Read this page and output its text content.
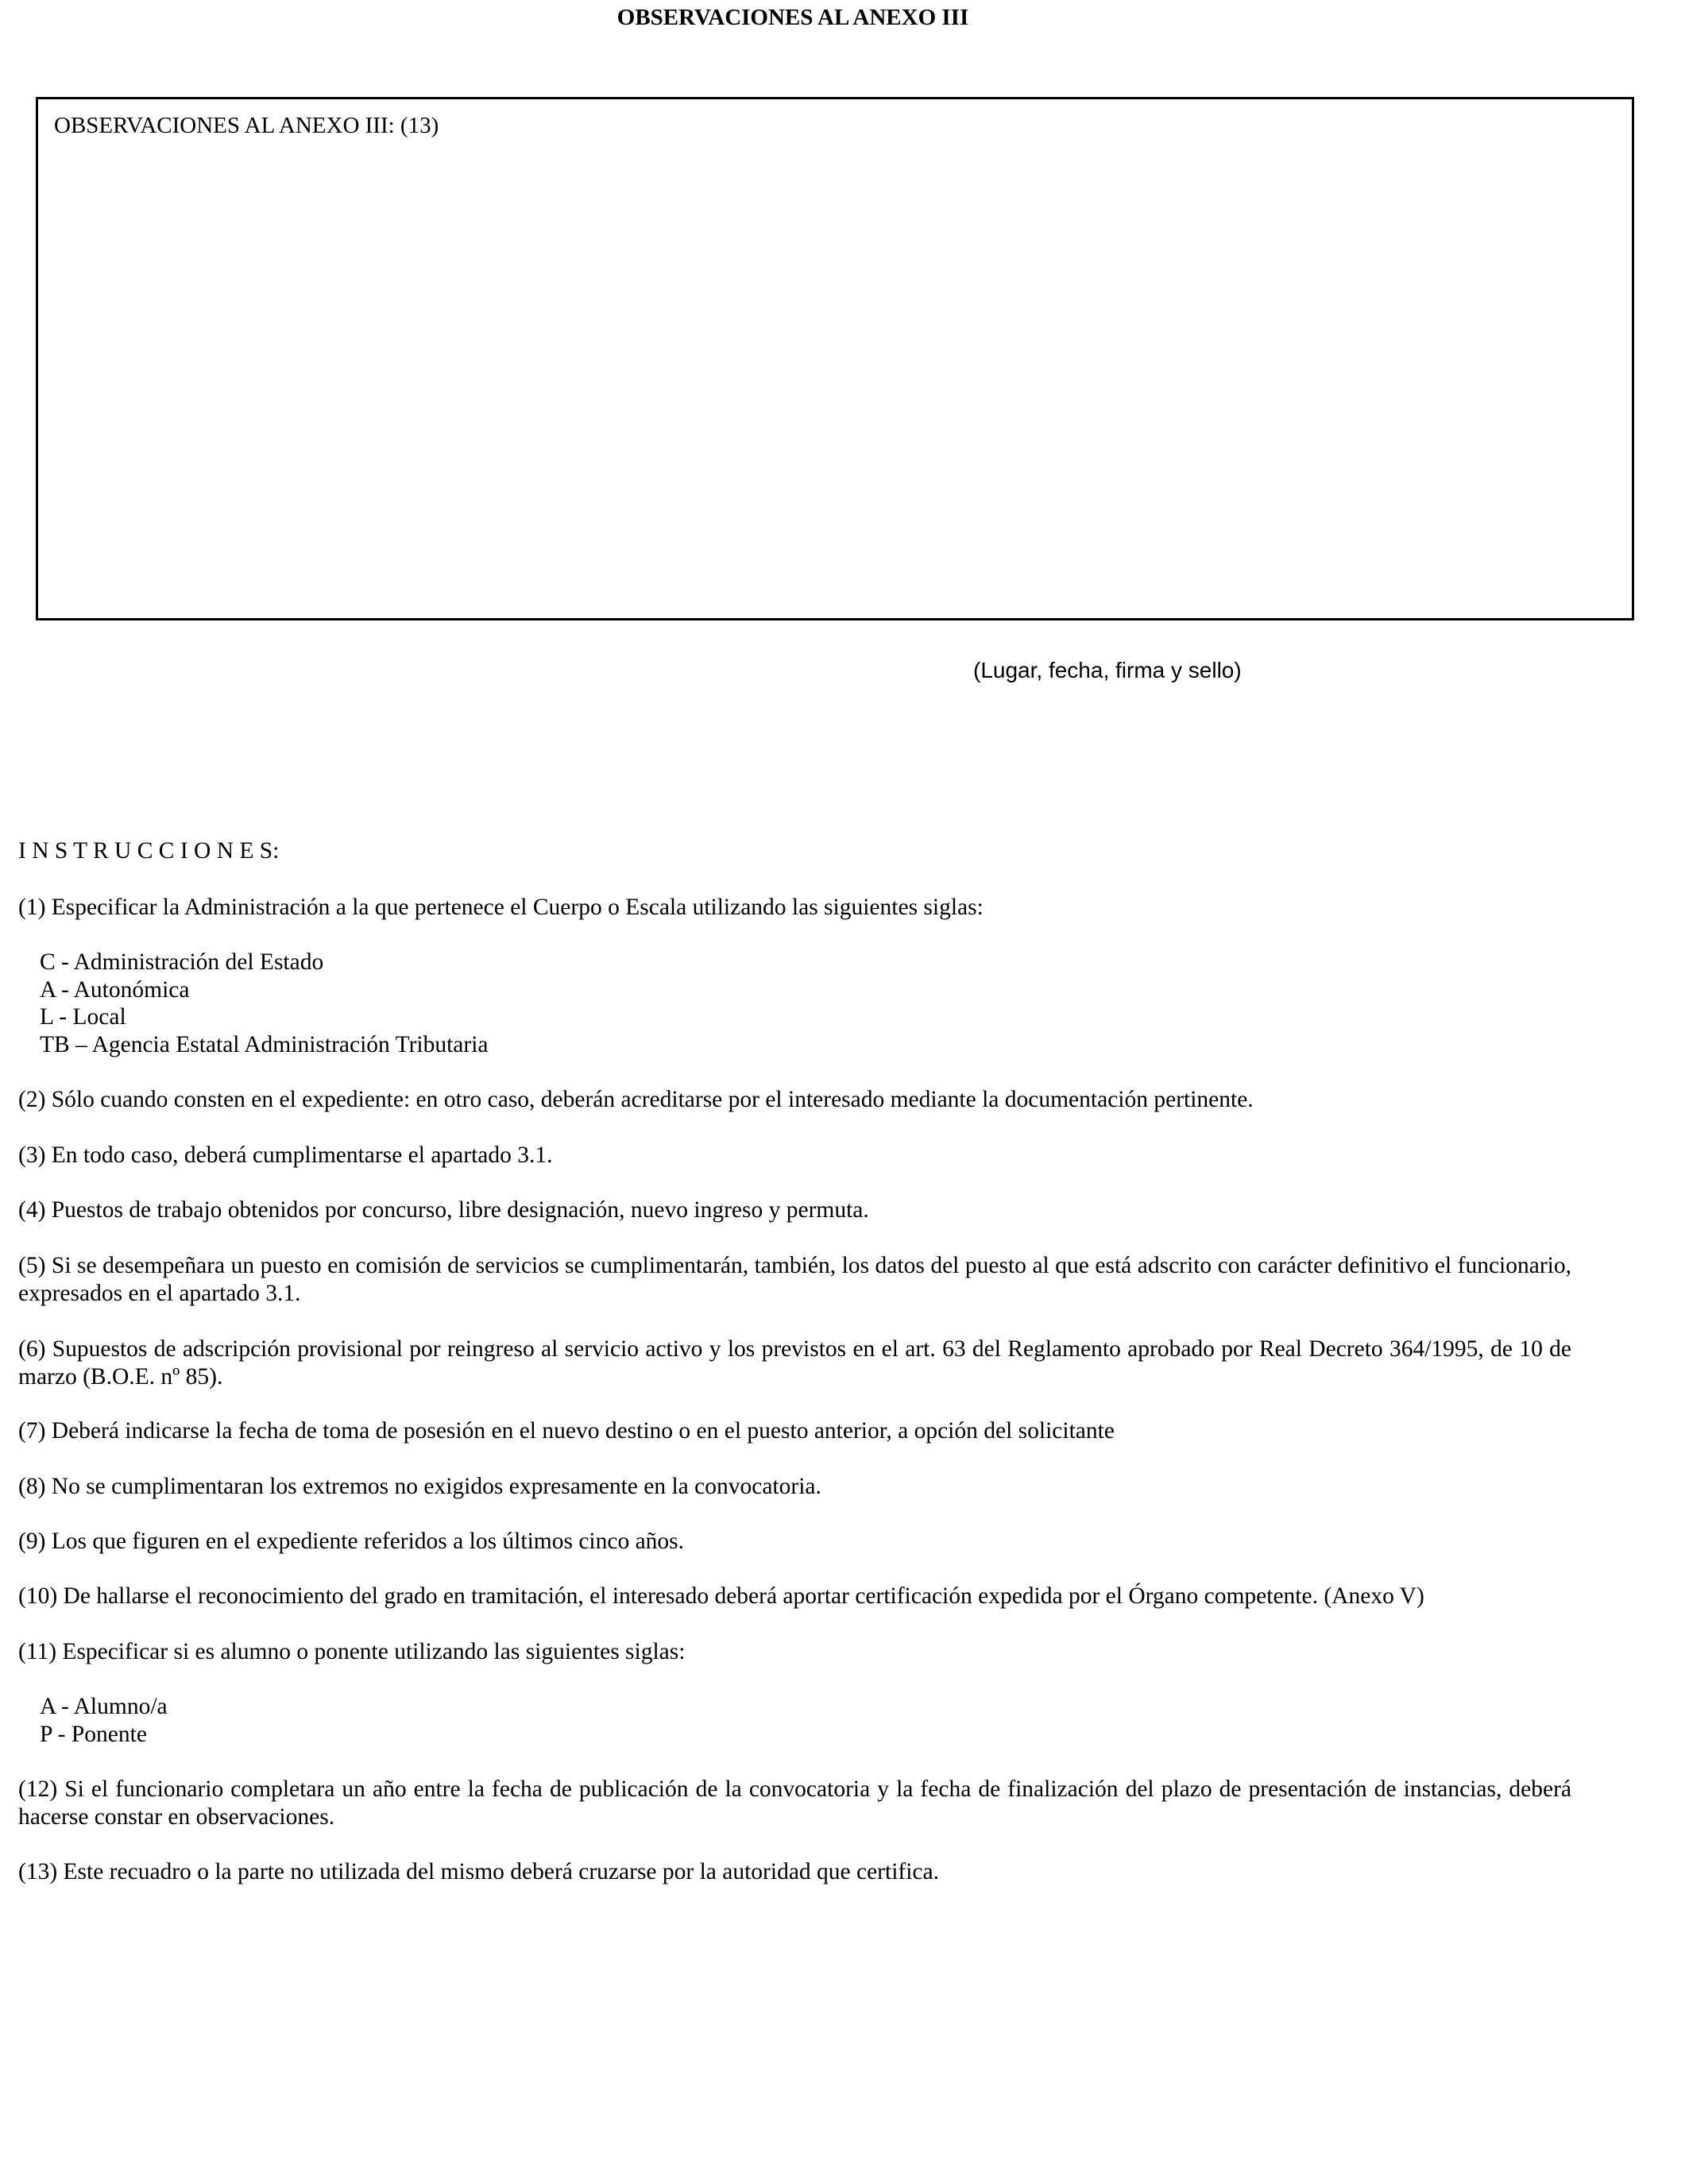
OBSERVACIONES AL ANEXO III
OBSERVACIONES AL ANEXO III: (13)
(Lugar, fecha, firma y sello)
I N S T R U C C I O N E S:
(1) Especificar la Administración a la que pertenece el Cuerpo o Escala utilizando las siguientes siglas:
C - Administración del Estado
A - Autonómica
L - Local
TB – Agencia Estatal Administración Tributaria
(2) Sólo cuando consten en el expediente: en otro caso, deberán acreditarse por el interesado mediante la documentación pertinente.
(3) En todo caso, deberá cumplimentarse el apartado 3.1.
(4) Puestos de trabajo obtenidos por concurso, libre designación, nuevo ingreso y permuta.
(5) Si se desempeñara un puesto en comisión de servicios se cumplimentarán, también, los datos del puesto al que está adscrito con carácter definitivo el funcionario, expresados en el apartado 3.1.
(6) Supuestos de adscripción provisional por reingreso al servicio activo y los previstos en el art. 63 del Reglamento aprobado por Real Decreto 364/1995, de 10 de marzo (B.O.E. nº 85).
(7) Deberá indicarse la fecha de toma de posesión en el nuevo destino o en el puesto anterior, a opción del solicitante
(8) No se cumplimentaran los extremos no exigidos expresamente en la convocatoria.
(9) Los que figuren en el expediente referidos a los últimos cinco años.
(10) De hallarse el reconocimiento del grado en tramitación, el interesado deberá aportar certificación expedida por el Órgano competente. (Anexo V)
(11) Especificar si es alumno o ponente utilizando las siguientes siglas:
A - Alumno/a
P - Ponente
(12) Si el funcionario completara un año entre la fecha de publicación de la convocatoria y la fecha de finalización del plazo de presentación de instancias, deberá hacerse constar en observaciones.
(13) Este recuadro o la parte no utilizada del mismo deberá cruzarse por la autoridad que certifica.
